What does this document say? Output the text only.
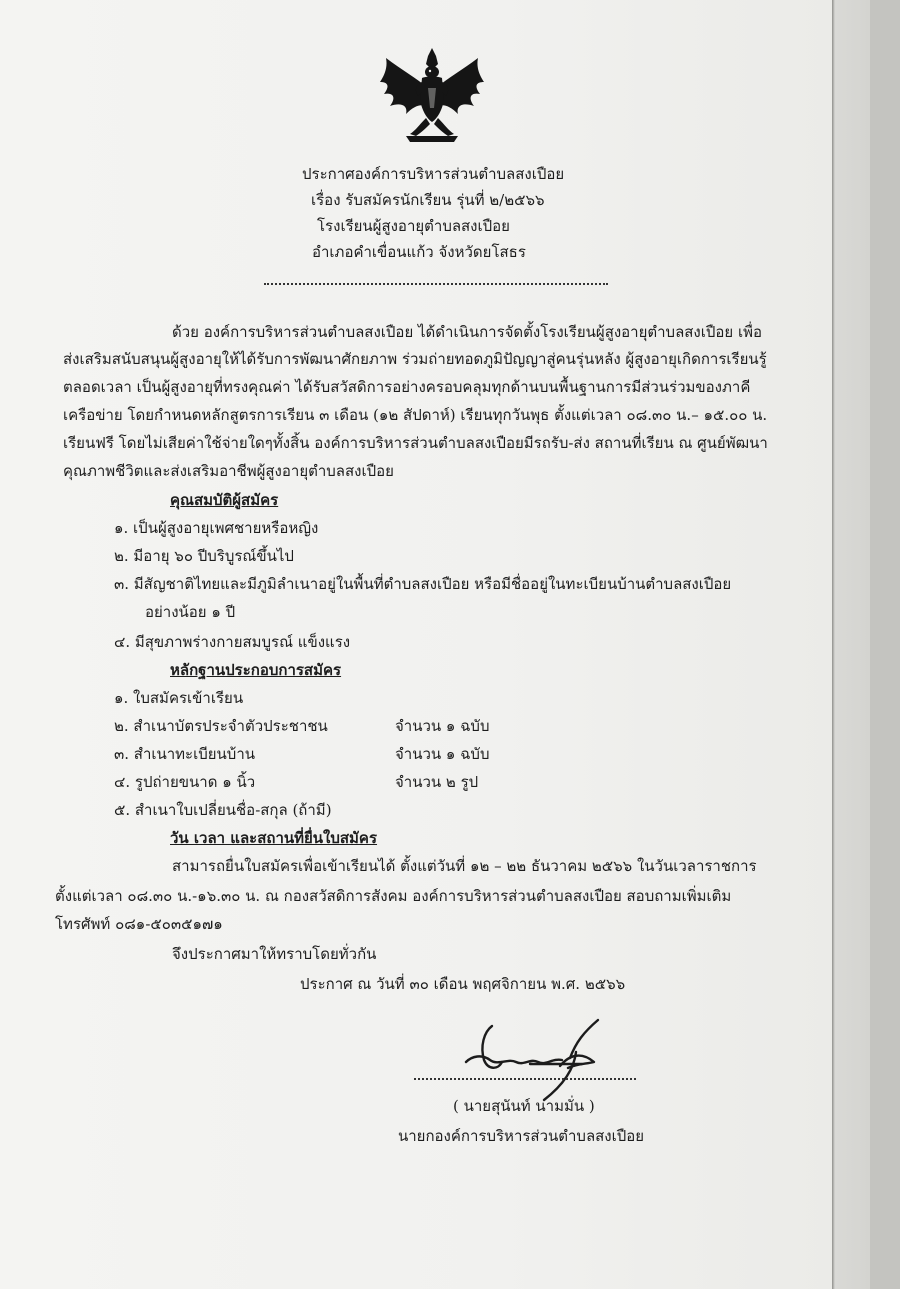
ประกาศองค์การบริหารส่วนตำบลสงเปือย
เรื่อง รับสมัครนักเรียน รุ่นที่ ๒/๒๕๖๖
โรงเรียนผู้สูงอายุตำบลสงเปือย
อำเภอคำเขื่อนแก้ว จังหวัดยโสธร
ด้วย องค์การบริหารส่วนตำบลสงเปือย ได้ดำเนินการจัดตั้งโรงเรียนผู้สูงอายุตำบลสงเปือย เพื่อ
ส่งเสริมสนับสนุนผู้สูงอายุให้ได้รับการพัฒนาศักยภาพ ร่วมถ่ายทอดภูมิปัญญาสู่คนรุ่นหลัง ผู้สูงอายุเกิดการเรียนรู้
ตลอดเวลา เป็นผู้สูงอายุที่ทรงคุณค่า ได้รับสวัสดิการอย่างครอบคลุมทุกด้านบนพื้นฐานการมีส่วนร่วมของภาคี
เครือข่าย โดยกำหนดหลักสูตรการเรียน ๓ เดือน (๑๒ สัปดาห์) เรียนทุกวันพุธ ตั้งแต่เวลา ๐๘.๓๐ น.– ๑๕.๐๐ น.
เรียนฟรี โดยไม่เสียค่าใช้จ่ายใดๆทั้งสิ้น องค์การบริหารส่วนตำบลสงเปือยมีรถรับ-ส่ง สถานที่เรียน ณ ศูนย์พัฒนา
คุณภาพชีวิตและส่งเสริมอาชีพผู้สูงอายุตำบลสงเปือย
คุณสมบัติผู้สมัคร
๑. เป็นผู้สูงอายุเพศชายหรือหญิง
๒. มีอายุ ๖๐ ปีบริบูรณ์ขึ้นไป
๓. มีสัญชาติไทยและมีภูมิลำเนาอยู่ในพื้นที่ตำบลสงเปือย หรือมีชื่ออยู่ในทะเบียนบ้านตำบลสงเปือย
อย่างน้อย ๑ ปี
๔. มีสุขภาพร่างกายสมบูรณ์ แข็งแรง
หลักฐานประกอบการสมัคร
๑. ใบสมัครเข้าเรียน
๒. สำเนาบัตรประจำตัวประชาชน	จำนวน ๑ ฉบับ
๓. สำเนาทะเบียนบ้าน	จำนวน ๑ ฉบับ
๔. รูปถ่ายขนาด ๑ นิ้ว	จำนวน ๒ รูป
๕. สำเนาใบเปลี่ยนชื่อ-สกุล (ถ้ามี)
วัน เวลา และสถานที่ยื่นใบสมัคร
สามารถยื่นใบสมัครเพื่อเข้าเรียนได้ ตั้งแต่วันที่ ๑๒ – ๒๒ ธันวาคม ๒๕๖๖ ในวันเวลาราชการ
ตั้งแต่เวลา ๐๘.๓๐ น.-๑๖.๓๐ น. ณ กองสวัสดิการสังคม องค์การบริหารส่วนตำบลสงเปือย สอบถามเพิ่มเติม
โทรศัพท์ ๐๘๑-๕๐๓๕๑๗๑
จึงประกาศมาให้ทราบโดยทั่วกัน
ประกาศ ณ วันที่ ๓๐ เดือน พฤศจิกายน พ.ศ. ๒๕๖๖
( นายสุนันท์ นามมั่น )
นายกองค์การบริหารส่วนตำบลสงเปือย
